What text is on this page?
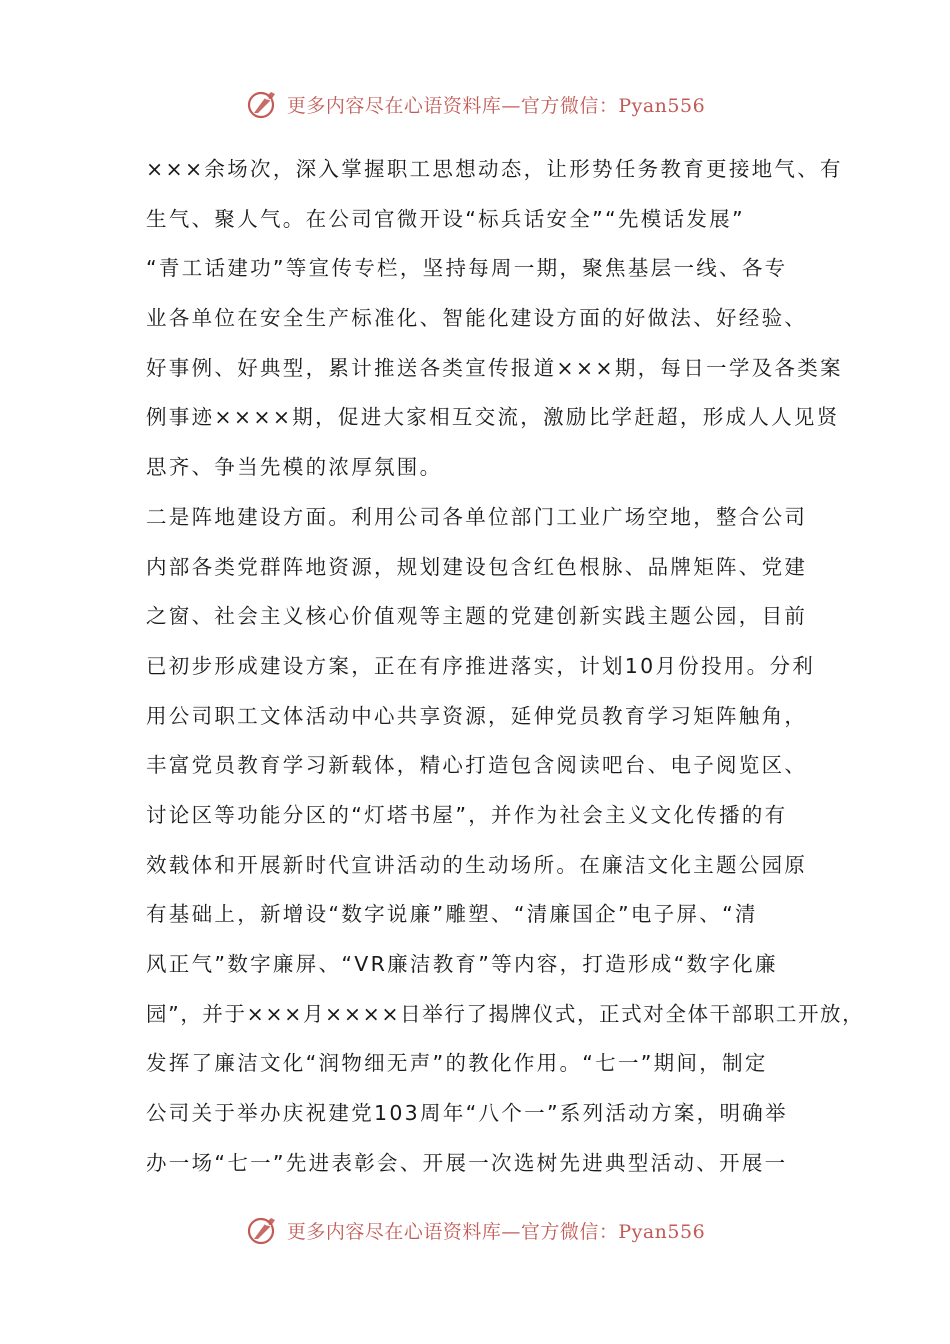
更多内容尽在心语资料库—官方微信：Pyan556
×××余场次，深入掌握职工思想动态，让形势任务教育更接地气、有
生气、聚人气。在公司官微开设“标兵话安全”“先模话发展”
“青工话建功”等宣传专栏，坚持每周一期，聚焦基层一线、各专
业各单位在安全生产标准化、智能化建设方面的好做法、好经验、
好事例、好典型，累计推送各类宣传报道×××期，每日一学及各类案
例事迹××××期，促进大家相互交流，激励比学赶超，形成人人见贤
思齐、争当先模的浓厚氛围。
二是阵地建设方面。利用公司各单位部门工业广场空地，整合公司
内部各类党群阵地资源，规划建设包含红色根脉、品牌矩阵、党建
之窗、社会主义核心价值观等主题的党建创新实践主题公园，目前
已初步形成建设方案，正在有序推进落实，计划10月份投用。分利
用公司职工文体活动中心共享资源，延伸党员教育学习矩阵触角，
丰富党员教育学习新载体，精心打造包含阅读吧台、电子阅览区、
讨论区等功能分区的“灯塔书屋”，并作为社会主义文化传播的有
效载体和开展新时代宣讲活动的生动场所。在廉洁文化主题公园原
有基础上，新增设“数字说廉”雕塑、“清廉国企”电子屏、“清
风正气”数字廉屏、“VR廉洁教育”等内容，打造形成“数字化廉
园”，并于×××月××××日举行了揭牌仪式，正式对全体干部职工开放，
发挥了廉洁文化“润物细无声”的教化作用。“七一”期间，制定
公司关于举办庆祝建党103周年“八个一”系列活动方案，明确举
办一场“七一”先进表彰会、开展一次选树先进典型活动、开展一
更多内容尽在心语资料库—官方微信：Pyan556
